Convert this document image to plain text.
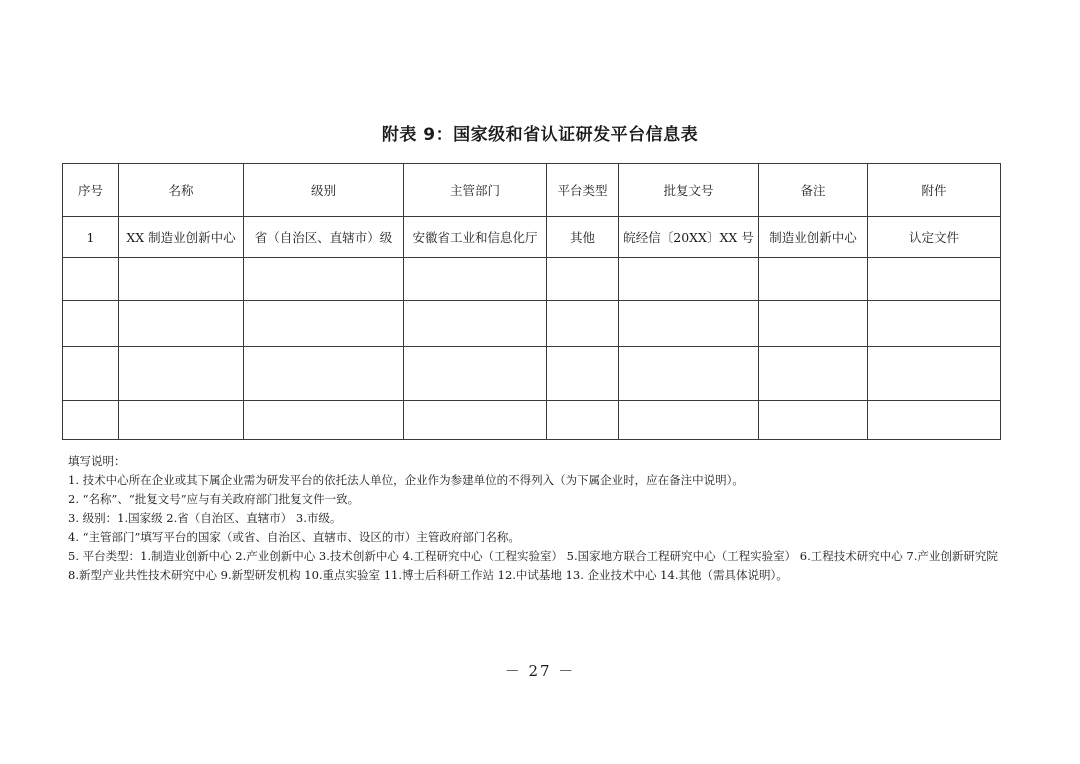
附表 9：国家级和省认证研发平台信息表
序号	名称	级别	主管部门	平台类型	批复文号	备注	附件
1	XX 制造业创新中心	省（自治区、直辖市）级	安徽省工业和信息化厅	其他	皖经信〔20XX〕XX 号	制造业创新中心	认定文件

填写说明：

1. 技术中心所在企业或其下属企业需为研发平台的依托法人单位，企业作为参建单位的不得列入（为下属企业时，应在备注中说明）。

2. “名称”、“批复文号”应与有关政府部门批复文件一致。

3. 级别：1.国家级 2.省（自治区、直辖市） 3.市级。

4. “主管部门”填写平台的国家（或省、自治区、直辖市、设区的市）主管政府部门名称。

5. 平台类型：1.制造业创新中心 2.产业创新中心 3.技术创新中心 4.工程研究中心（工程实验室） 5.国家地方联合工程研究中心（工程实验室） 6.工程技术研究中心 7.产业创新研究院 8.新型产业共性技术研究中心 9.新型研发机构 10.重点实验室 11.博士后科研工作站 12.中试基地 13. 企业技术中心 14.其他（需具体说明）。

－ 27 －
